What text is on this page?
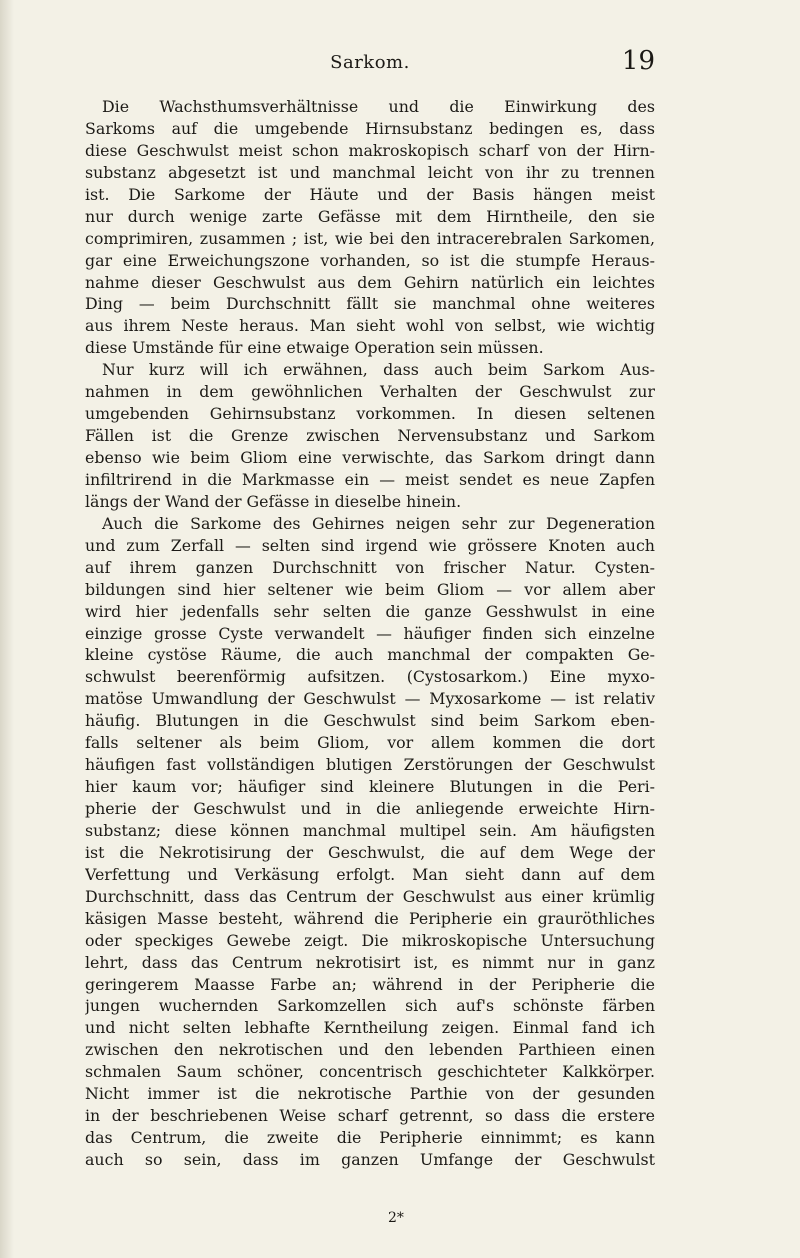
Sarkom.	19
Die Wachsthumsverhältnisse und die Einwirkung des
Sarkoms auf die umgebende Hirnsubstanz bedingen es, dass
diese Geschwulst meist schon makroskopisch scharf von der Hirn-
substanz abgesetzt ist und manchmal leicht von ihr zu trennen
ist. Die Sarkome der Häute und der Basis hängen meist
nur durch wenige zarte Gefässe mit dem Hirntheile, den sie
comprimiren, zusammen ; ist, wie bei den intracerebralen Sarkomen,
gar eine Erweichungszone vorhanden, so ist die stumpfe Heraus-
nahme dieser Geschwulst aus dem Gehirn natürlich ein leichtes
Ding — beim Durchschnitt fällt sie manchmal ohne weiteres
aus ihrem Neste heraus. Man sieht wohl von selbst, wie wichtig
diese Umstände für eine etwaige Operation sein müssen.
Nur kurz will ich erwähnen, dass auch beim Sarkom Aus-
nahmen in dem gewöhnlichen Verhalten der Geschwulst zur
umgebenden Gehirnsubstanz vorkommen. In diesen seltenen
Fällen ist die Grenze zwischen Nervensubstanz und Sarkom
ebenso wie beim Gliom eine verwischte, das Sarkom dringt dann
infiltrirend in die Markmasse ein — meist sendet es neue Zapfen
längs der Wand der Gefässe in dieselbe hinein.
Auch die Sarkome des Gehirnes neigen sehr zur Degeneration
und zum Zerfall — selten sind irgend wie grössere Knoten auch
auf ihrem ganzen Durchschnitt von frischer Natur. Cysten-
bildungen sind hier seltener wie beim Gliom — vor allem aber
wird hier jedenfalls sehr selten die ganze Gesshwulst in eine
einzige grosse Cyste verwandelt — häufiger finden sich einzelne
kleine cystöse Räume, die auch manchmal der compakten Ge-
schwulst beerenförmig aufsitzen. (Cystosarkom.) Eine myxo-
matöse Umwandlung der Geschwulst — Myxosarkome — ist relativ
häufig. Blutungen in die Geschwulst sind beim Sarkom eben-
falls seltener als beim Gliom, vor allem kommen die dort
häufigen fast vollständigen blutigen Zerstörungen der Geschwulst
hier kaum vor; häufiger sind kleinere Blutungen in die Peri-
pherie der Geschwulst und in die anliegende erweichte Hirn-
substanz; diese können manchmal multipel sein. Am häufigsten
ist die Nekrotisirung der Geschwulst, die auf dem Wege der
Verfettung und Verkäsung erfolgt. Man sieht dann auf dem
Durchschnitt, dass das Centrum der Geschwulst aus einer krümlig
käsigen Masse besteht, während die Peripherie ein grauröthliches
oder speckiges Gewebe zeigt. Die mikroskopische Untersuchung
lehrt, dass das Centrum nekrotisirt ist, es nimmt nur in ganz
geringerem Maasse Farbe an; während in der Peripherie die
jungen wuchernden Sarkomzellen sich auf's schönste färben
und nicht selten lebhafte Kerntheilung zeigen. Einmal fand ich
zwischen den nekrotischen und den lebenden Parthieen einen
schmalen Saum schöner, concentrisch geschichteter Kalkkörper.
Nicht immer ist die nekrotische Parthie von der gesunden
in der beschriebenen Weise scharf getrennt, so dass die erstere
das Centrum, die zweite die Peripherie einnimmt; es kann
auch so sein, dass im ganzen Umfange der Geschwulst
2*
